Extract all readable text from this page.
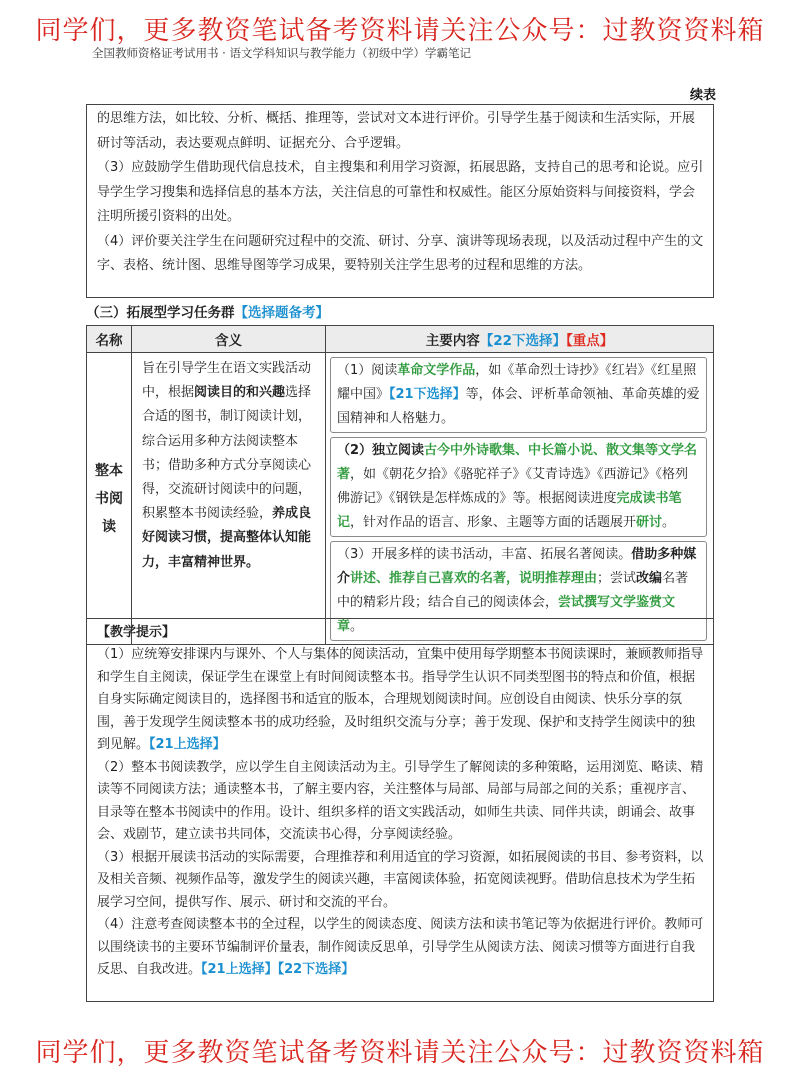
同学们，更多教资笔试备考资料请关注公众号：过教资资料箱
全国教师资格证考试用书 · 语文学科知识与教学能力（初级中学）学霸笔记
续表

的思维方法，如比较、分析、概括、推理等，尝试对文本进行评价。引导学生基于阅读和生活实际，开展研讨等活动，表达要观点鲜明、证据充分、合乎逻辑。

（3）应鼓励学生借助现代信息技术，自主搜集和利用学习资源，拓展思路，支持自己的思考和论说。应引导学生学习搜集和选择信息的基本方法，关注信息的可靠性和权威性。能区分原始资料与间接资料，学会注明所援引资料的出处。

（4）评价要关注学生在问题研究过程中的交流、研讨、分享、演讲等现场表现，以及活动过程中产生的文字、表格、统计图、思维导图等学习成果，要特别关注学生思考的过程和思维的方法。

（三）拓展型学习任务群【选择题备考】
名称	含义	主要内容【22下选择】【重点】

整本书阅读	旨在引导学生在语文实践活动中，根据阅读目的和兴趣选择合适的图书，制订阅读计划，综合运用多种方法阅读整本书；借助多种方式分享阅读心得，交流研讨阅读中的问题，积累整本书阅读经验，养成良好阅读习惯，提高整体认知能力，丰富精神世界。	（1）阅读革命文学作品，如《革命烈士诗抄》《红岩》《红星照耀中国》【21下选择】等，体会、评析革命领袖、革命英雄的爱国精神和人格魅力。
（2）独立阅读古今中外诗歌集、中长篇小说、散文集等文学名著，如《朝花夕拾》《骆驼祥子》《艾青诗选》《西游记》《格列佛游记》《钢铁是怎样炼成的》等。根据阅读进度完成读书笔记，针对作品的语言、形象、主题等方面的话题展开研讨。
（3）开展多样的读书活动，丰富、拓展名著阅读。借助多种媒介讲述、推荐自己喜欢的名著，说明推荐理由；尝试改编名著中的精彩片段；结合自己的阅读体会，尝试撰写文学鉴赏文章。
【教学提示】

（1）应统筹安排课内与课外、个人与集体的阅读活动，宜集中使用每学期整本书阅读课时，兼顾教师指导和学生自主阅读，保证学生在课堂上有时间阅读整本书。指导学生认识不同类型图书的特点和价值，根据自身实际确定阅读目的，选择图书和适宜的版本，合理规划阅读时间。应创设自由阅读、快乐分享的氛围，善于发现学生阅读整本书的成功经验，及时组织交流与分享；善于发现、保护和支持学生阅读中的独到见解。【21上选择】

（2）整本书阅读教学，应以学生自主阅读活动为主。引导学生了解阅读的多种策略，运用浏览、略读、精读等不同阅读方法；通读整本书，了解主要内容，关注整体与局部、局部与局部之间的关系；重视序言、目录等在整本书阅读中的作用。设计、组织多样的语文实践活动，如师生共读、同伴共读，朗诵会、故事会、戏剧节，建立读书共同体，交流读书心得，分享阅读经验。

（3）根据开展读书活动的实际需要，合理推荐和利用适宜的学习资源，如拓展阅读的书目、参考资料，以及相关音频、视频作品等，激发学生的阅读兴趣，丰富阅读体验，拓宽阅读视野。借助信息技术为学生拓展学习空间，提供写作、展示、研讨和交流的平台。

（4）注意考查阅读整本书的全过程，以学生的阅读态度、阅读方法和读书笔记等为依据进行评价。教师可以围绕读书的主要环节编制评价量表，制作阅读反思单，引导学生从阅读方法、阅读习惯等方面进行自我反思、自我改进。【21上选择】【22下选择】

同学们，更多教资笔试备考资料请关注公众号：过教资资料箱
